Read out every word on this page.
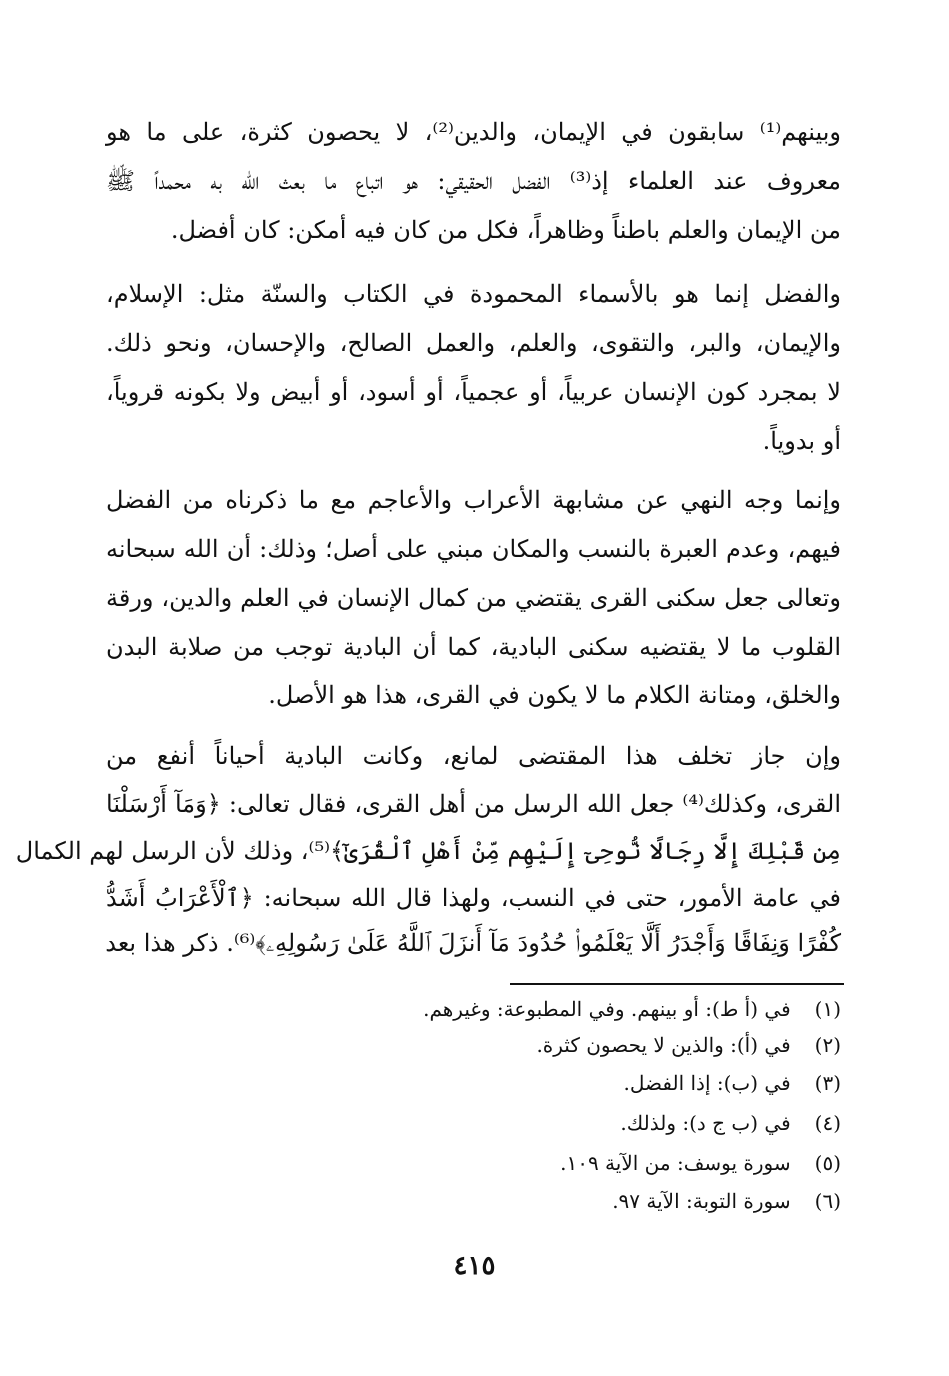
وبينهم⁽¹⁾ سابقون في الإيمان، والدين⁽²⁾، لا يحصون كثرة، على ما هو
معروف عند العلماء إذ⁽³⁾ الفضل الحقيقي: هو اتباع ما بعث الله به محمداً ﷺ
من الإيمان والعلم باطناً وظاهراً، فكل من كان فيه أمكن: كان أفضل.
والفضل إنما هو بالأسماء المحمودة في الكتاب والسنّة مثل: الإسلام،
والإيمان، والبر، والتقوى، والعلم، والعمل الصالح، والإحسان، ونحو ذلك.
لا بمجرد كون الإنسان عربياً، أو عجمياً، أو أسود، أو أبيض ولا بكونه قروياً،
أو بدوياً.
وإنما وجه النهي عن مشابهة الأعراب والأعاجم مع ما ذكرناه من الفضل
فيهم، وعدم العبرة بالنسب والمكان مبني على أصل؛ وذلك: أن الله سبحانه
وتعالى جعل سكنى القرى يقتضي من كمال الإنسان في العلم والدين، ورقة
القلوب ما لا يقتضيه سكنى البادية، كما أن البادية توجب من صلابة البدن
والخلق، ومتانة الكلام ما لا يكون في القرى، هذا هو الأصل.
وإن جاز تخلف هذا المقتضى لمانع، وكانت البادية أحياناً أنفع من
القرى، وكذلك⁽⁴⁾ جعل الله الرسل من أهل القرى، فقال تعالى: ﴿وَمَآ أَرْسَلْنَا
مِن قَبْلِكَ إِلَّا رِجَالًا نُّوحِىٓ إِلَيْهِم مِّنْ أَهْلِ ٱلْقُرَىٰٓ﴾⁽⁵⁾، وذلك لأن الرسل لهم الكمال
في عامة الأمور، حتى في النسب، ولهذا قال الله سبحانه: ﴿ٱلْأَعْرَابُ أَشَدُّ
كُفْرًا وَنِفَاقًا وَأَجْدَرُ أَلَّا يَعْلَمُوا۟ حُدُودَ مَآ أَنزَلَ ٱللَّهُ عَلَىٰ رَسُولِهِۦ﴾⁽⁶⁾. ذكر هذا بعد
(١) في (أ ط): أو بينهم. وفي المطبوعة: وغيرهم.
(٢) في (أ): والذين لا يحصون كثرة.
(٣) في (ب): إذا الفضل.
(٤) في (ب ج د): ولذلك.
(٥) سورة يوسف: من الآية ١٠٩.
(٦) سورة التوبة: الآية ٩٧.
٤١٥
